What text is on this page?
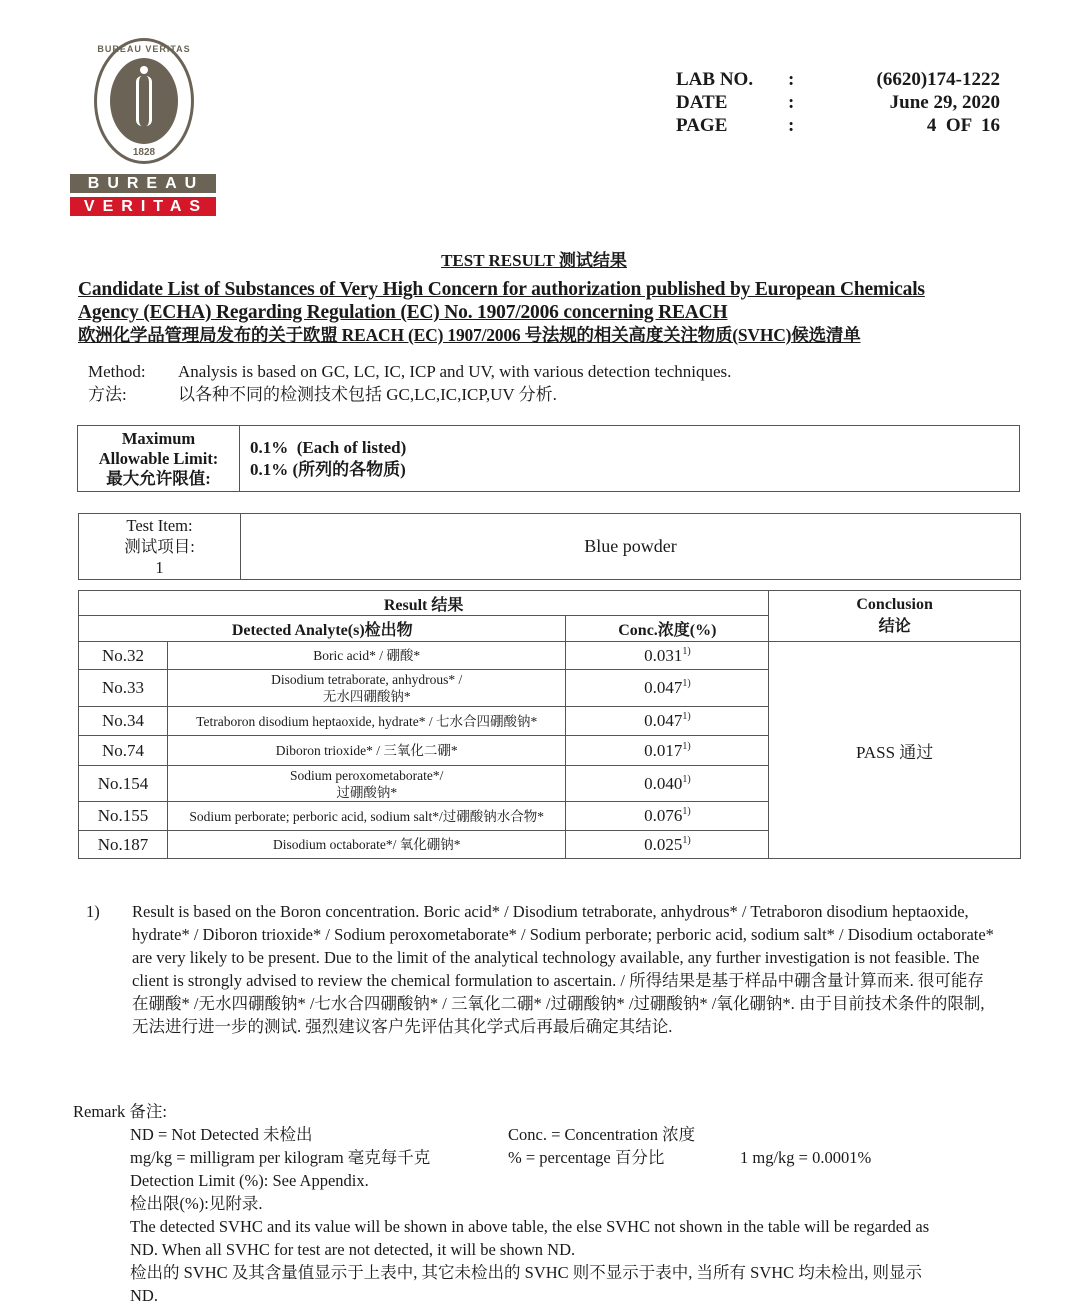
BUREAU VERITAS
1828
BUREAU
VERITAS
LAB NO.	:	(6620)174-1222
DATE	:	June 29, 2020
PAGE	:	4  OF  16
TEST RESULT 测试结果
Candidate List of Substances of Very High Concern for authorization published by European Chemicals
Agency (ECHA) Regarding Regulation (EC) No. 1907/2006 concerning REACH
欧洲化学品管理局发布的关于欧盟 REACH (EC) 1907/2006 号法规的相关高度关注物质(SVHC)候选清单
Method:	Analysis is based on GC, LC, IC, ICP and UV, with various detection techniques.
方法:	以各种不同的检测技术包括 GC,LC,IC,ICP,UV 分析.
Maximum
Allowable Limit:
最大允许限值:

0.1%  (Each of listed)
0.1% (所列的各物质)
Test Item:
测试项目:
1
	Blue powder
Result 结果			Conclusion
结论

Detected Analyte(s)检出物		Conc.浓度(%)	
No.32	Boric acid* / 硼酸*	0.031$^{1)}$	PASS 通过
No.33	Disodium tetraborate, anhydrous* /
无水四硼酸钠*	0.047$^{1)}$
No.34	Tetraboron disodium heptaoxide, hydrate* / 七水合四硼酸钠*	0.047$^{1)}$
No.74	Diboron trioxide* / 三氧化二硼*	0.017$^{1)}$
No.154	Sodium peroxometaborate*/
过硼酸钠*	0.040$^{1)}$
No.155	Sodium perborate; perboric acid, sodium salt*/过硼酸钠水合物*	0.076$^{1)}$
No.187	Disodium octaborate*/ 氧化硼钠*	0.025$^{1)}$
1)	Result is based on the Boron concentration. Boric acid* / Disodium tetraborate, anhydrous* / Tetraboron disodium heptaoxide, hydrate* / Diboron trioxide* / Sodium peroxometaborate* / Sodium perborate; perboric acid, sodium salt* / Disodium octaborate* are very likely to be present. Due to the limit of the analytical technology available, any further investigation is not feasible. The client is strongly advised to review the chemical formulation to ascertain. / 所得结果是基于样品中硼含量计算而来. 很可能存在硼酸* /无水四硼酸钠* /七水合四硼酸钠* / 三氧化二硼* /过硼酸钠* /过硼酸钠* /氧化硼钠*. 由于目前技术条件的限制, 无法进行进一步的测试. 强烈建议客户先评估其化学式后再最后确定其结论.
Remark 备注:
ND = Not Detected 未检出	Conc. = Concentration 浓度
mg/kg = milligram per kilogram 毫克每千克	% = percentage 百分比	1 mg/kg = 0.0001%
Detection Limit (%): See Appendix.
检出限(%):见附录.
The detected SVHC and its value will be shown in above table, the else SVHC not shown in the table will be regarded as ND. When all SVHC for test are not detected, it will be shown ND.
检出的 SVHC 及其含量值显示于上表中, 其它未检出的 SVHC 则不显示于表中, 当所有 SVHC 均未检出, 则显示 ND.
